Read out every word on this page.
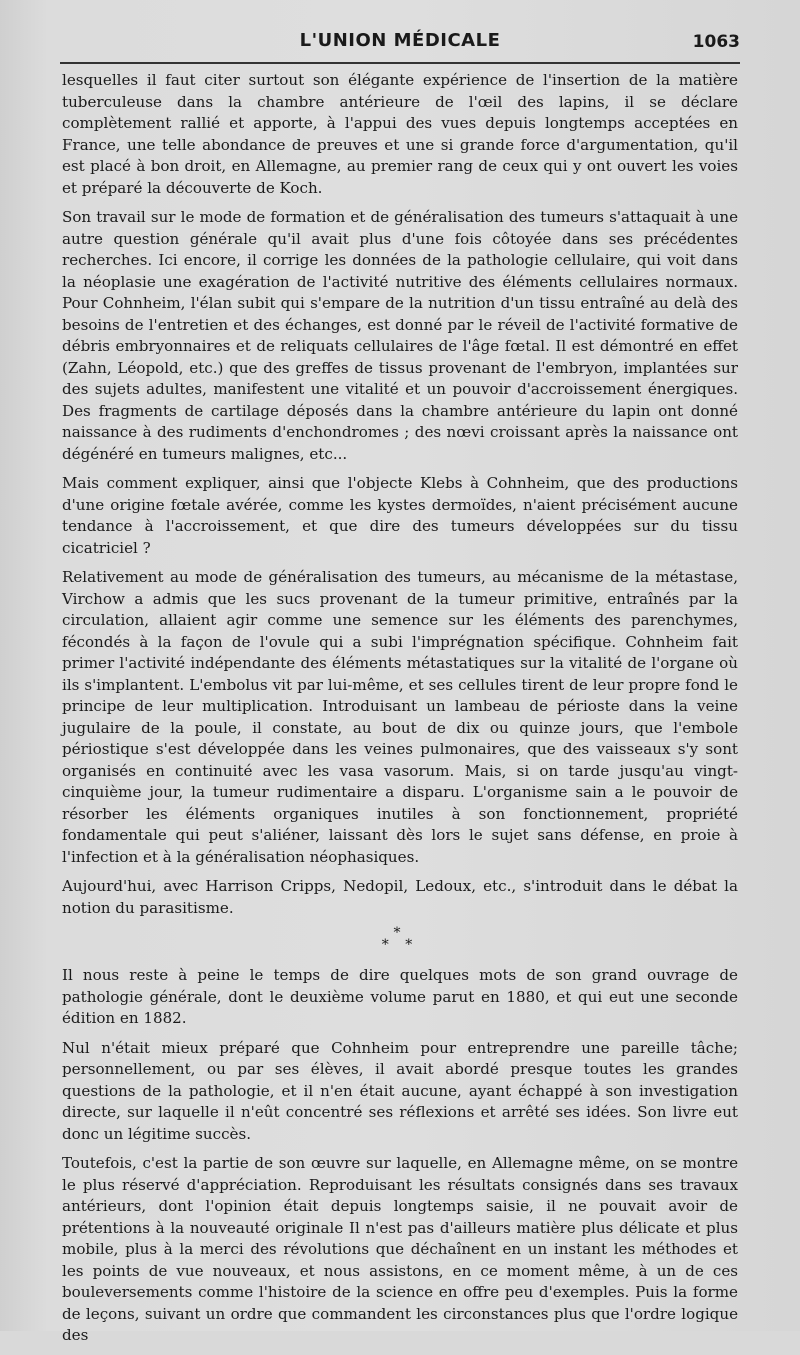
L'UNION MÉDICALE	1063

lesquelles il faut citer surtout son élégante expérience de l'insertion de la matière tuberculeuse dans la chambre antérieure de l'œil des lapins, il se déclare complètement rallié et apporte, à l'appui des vues depuis longtemps acceptées en France, une telle abondance de preuves et une si grande force d'argumentation, qu'il est placé à bon droit, en Allemagne, au premier rang de ceux qui y ont ouvert les voies et préparé la découverte de Koch.

Son travail sur le mode de formation et de généralisation des tumeurs s'attaquait à une autre question générale qu'il avait plus d'une fois côtoyée dans ses précédentes recherches. Ici encore, il corrige les données de la pathologie cellulaire, qui voit dans la néoplasie une exagération de l'activité nutritive des éléments cellulaires normaux. Pour Cohnheim, l'élan subit qui s'empare de la nutrition d'un tissu entraîné au delà des besoins de l'entretien et des échanges, est donné par le réveil de l'activité formative de débris embryonnaires et de reliquats cellulaires de l'âge fœtal. Il est démontré en effet (Zahn, Léopold, etc.) que des greffes de tissus provenant de l'embryon, implantées sur des sujets adultes, manifestent une vitalité et un pouvoir d'accroissement énergiques. Des fragments de cartilage déposés dans la chambre antérieure du lapin ont donné naissance à des rudiments d'enchondromes ; des nœvi croissant après la naissance ont dégénéré en tumeurs malignes, etc...

Mais comment expliquer, ainsi que l'objecte Klebs à Cohnheim, que des productions d'une origine fœtale avérée, comme les kystes dermoïdes, n'aient précisément aucune tendance à l'accroissement, et que dire des tumeurs développées sur du tissu cicatriciel ?

Relativement au mode de généralisation des tumeurs, au mécanisme de la métastase, Virchow a admis que les sucs provenant de la tumeur primitive, entraînés par la circulation, allaient agir comme une semence sur les éléments des parenchymes, fécondés à la façon de l'ovule qui a subi l'imprégnation spécifique. Cohnheim fait primer l'activité indépendante des éléments métastatiques sur la vitalité de l'organe où ils s'implantent. L'embolus vit par lui-même, et ses cellules tirent de leur propre fond le principe de leur multiplication. Introduisant un lambeau de périoste dans la veine jugulaire de la poule, il constate, au bout de dix ou quinze jours, que l'embole périostique s'est développée dans les veines pulmonaires, que des vaisseaux s'y sont organisés en continuité avec les vasa vasorum. Mais, si on tarde jusqu'au vingt-cinquième jour, la tumeur rudimentaire a disparu. L'organisme sain a le pouvoir de résorber les éléments organiques inutiles à son fonctionnement, propriété fondamentale qui peut s'aliéner, laissant dès lors le sujet sans défense, en proie à l'infection et à la généralisation néophasiques.

Aujourd'hui, avec Harrison Cripps, Nedopil, Ledoux, etc., s'introduit dans le débat la notion du parasitisme.

*
* *

Il nous reste à peine le temps de dire quelques mots de son grand ouvrage de pathologie générale, dont le deuxième volume parut en 1880, et qui eut une seconde édition en 1882.

Nul n'était mieux préparé que Cohnheim pour entreprendre une pareille tâche; personnellement, ou par ses élèves, il avait abordé presque toutes les grandes questions de la pathologie, et il n'en était aucune, ayant échappé à son investigation directe, sur laquelle il n'eût concentré ses réflexions et arrêté ses idées. Son livre eut donc un légitime succès.

Toutefois, c'est la partie de son œuvre sur laquelle, en Allemagne même, on se montre le plus réservé d'appréciation. Reproduisant les résultats consignés dans ses travaux antérieurs, dont l'opinion était depuis longtemps saisie, il ne pouvait avoir de prétentions à la nouveauté originale Il n'est pas d'ailleurs matière plus délicate et plus mobile, plus à la merci des révolutions que déchaînent en un instant les méthodes et les points de vue nouveaux, et nous assistons, en ce moment même, à un de ces bouleversements comme l'histoire de la science en offre peu d'exemples. Puis la forme de leçons, suivant un ordre que commandent les circonstances plus que l'ordre logique des
